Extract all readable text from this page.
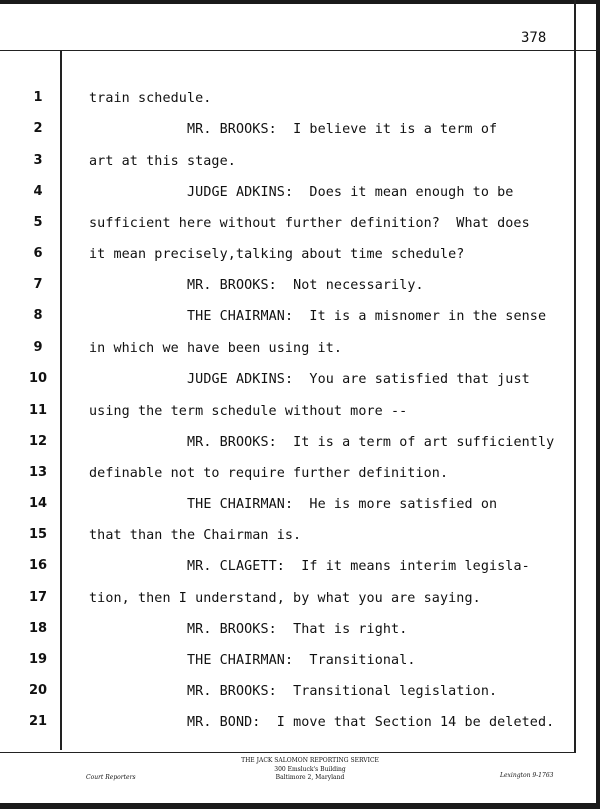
378
1	train schedule.
2	MR. BROOKS:  I believe it is a term of
3	art at this stage.
4	JUDGE ADKINS:  Does it mean enough to be
5	sufficient here without further definition?  What does
6	it mean precisely,talking about time schedule?
7	MR. BROOKS:  Not necessarily.
8	THE CHAIRMAN:  It is a misnomer in the sense
9	in which we have been using it.
10	JUDGE ADKINS:  You are satisfied that just
11	using the term schedule without more --
12	MR. BROOKS:  It is a term of art sufficiently
13	definable not to require further definition.
14	THE CHAIRMAN:  He is more satisfied on
15	that than the Chairman is.
16	MR. CLAGETT:  If it means interim legisla-
17	tion, then I understand, by what you are saying.
18	MR. BROOKS:  That is right.
19	THE CHAIRMAN:  Transitional.
20	MR. BROOKS:  Transitional legislation.
21	MR. BOND:  I move that Section 14 be deleted.
THE JACK SALOMON REPORTING SERVICE
300 Emsluck's Building
Baltimore 2, Maryland
Court Reporters	Lexington 9-1763
